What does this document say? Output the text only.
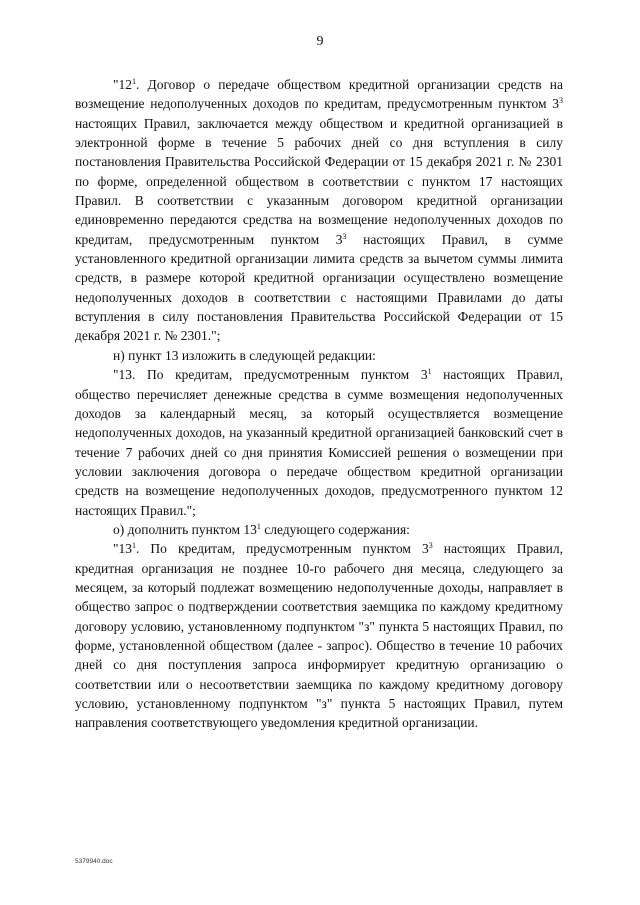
9

"$12^1$. Договор о передаче обществом кредитной организации средств на возмещение недополученных доходов по кредитам, предусмотренным пунктом $3^3$ настоящих Правил, заключается между обществом и кредитной организацией в электронной форме в течение 5 рабочих дней со дня вступления в силу постановления Правительства Российской Федерации от 15 декабря 2021 г. № 2301 по форме, определенной обществом в соответствии с пунктом 17 настоящих Правил. В соответствии с указанным договором кредитной организации единовременно передаются средства на возмещение недополученных доходов по кредитам, предусмотренным пунктом $3^3$ настоящих Правил, в сумме установленного кредитной организации лимита средств за вычетом суммы лимита средств, в размере которой кредитной организации осуществлено возмещение недополученных доходов в соответствии с настоящими Правилами до даты вступления в силу постановления Правительства Российской Федерации от 15 декабря 2021 г. № 2301.";

н) пункт 13 изложить в следующей редакции:

"13. По кредитам, предусмотренным пунктом $3^1$ настоящих Правил, общество перечисляет денежные средства в сумме возмещения недополученных доходов за календарный месяц, за который осуществляется возмещение недополученных доходов, на указанный кредитной организацией банковский счет в течение 7 рабочих дней со дня принятия Комиссией решения о возмещении при условии заключения договора о передаче обществом кредитной организации средств на возмещение недополученных доходов, предусмотренного пунктом 12 настоящих Правил.";

о) дополнить пунктом $13^1$ следующего содержания:

"$13^1$. По кредитам, предусмотренным пунктом $3^3$ настоящих Правил, кредитная организация не позднее 10-го рабочего дня месяца, следующего за месяцем, за который подлежат возмещению недополученные доходы, направляет в общество запрос о подтверждении соответствия заемщика по каждому кредитному договору условию, установленному подпунктом "з" пункта 5 настоящих Правил, по форме, установленной обществом (далее - запрос). Общество в течение 10 рабочих дней со дня поступления запроса информирует кредитную организацию о соответствии или о несоответствии заемщика по каждому кредитному договору условию, установленному подпунктом "з" пункта 5 настоящих Правил, путем направления соответствующего уведомления кредитной организации.

5379940.doc
